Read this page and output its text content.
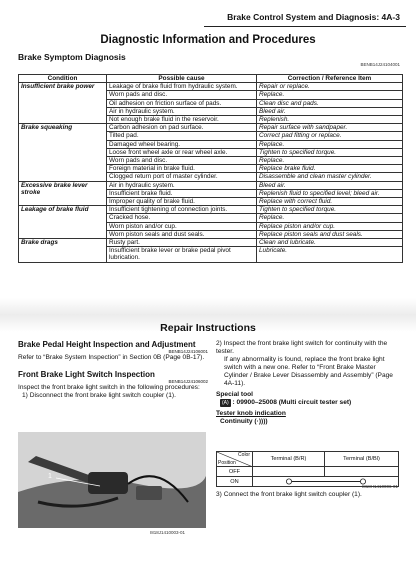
Brake Control System and Diagnosis: 4A-3
Diagnostic Information and Procedures
Brake Symptom Diagnosis
BENB14J24104001
Condition	Possible cause	Correction / Reference Item
Insufficient brake power	Leakage of brake fluid from hydraulic system.	Repair or replace.
	Worn pads and disc.	Replace.
	Oil adhesion on friction surface of pads.	Clean disc and pads.
	Air in hydraulic system.	Bleed air.
	Not enough brake fluid in the reservoir.	Replenish.
Brake squeaking	Carbon adhesion on pad surface.	Repair surface with sandpaper.
	Tilted pad.	Correct pad fitting or replace.
	Damaged wheel bearing.	Replace.
	Loose front wheel axle or rear wheel axle.	Tighten to specified torque.
	Worn pads and disc.	Replace.
	Foreign material in brake fluid.	Replace brake fluid.
	Clogged return port of master cylinder.	Disassemble and clean master cylinder.
Excessive brake lever stroke	Air in hydraulic system.	Bleed air.
	Insufficient brake fluid.	Replenish fluid to specified level; bleed air.
	Improper quality of brake fluid.	Replace with correct fluid.
Leakage of brake fluid	Insufficient tightening of connection joints.	Tighten to specified torque.
	Cracked hose.	Replace.
	Worn piston and/or cup.	Replace piston and/or cup.
	Worn piston seals and dust seals.	Replace piston seals and dust seals.
Brake drags	Rusty part.	Clean and lubricate.
	Insufficient brake lever or brake pedal pivot lubrication.	Lubricate.
Repair Instructions
Brake Pedal Height Inspection and Adjustment
BENB14J24106001
Refer to “Brake System Inspection” in Section 0B (Page 0B-17).
Front Brake Light Switch Inspection
BENB14J24106002
Inspect the front brake light switch in the following procedures:
1) Disconnect the front brake light switch coupler (1).
1
I818J1410003-01
2) Inspect the front brake light switch for continuity with the tester.
If any abnormality is found, replace the front brake light switch with a new one. Refer to “Front Brake Master Cylinder / Brake Lever Disassembly and Assembly” (Page 4A-11).
Special tool
(A) : 09900–25008 (Multi circuit tester set)
Tester knob indication
Continuity (·))))
Color
Position	Terminal (B/R)	Terminal (B/Bl)
OFF		
ON	
I818H1410006-01
3) Connect the front brake light switch coupler (1).
